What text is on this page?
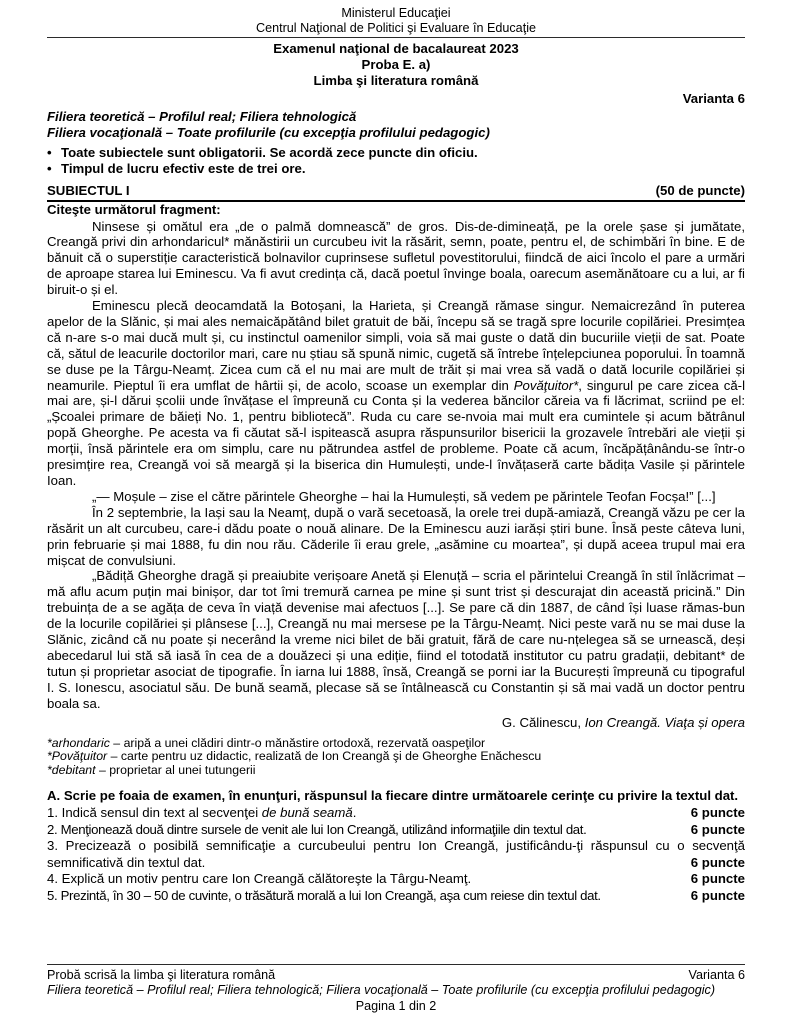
Ministerul Educaţiei
Centrul Naţional de Politici şi Evaluare în Educaţie
Examenul naţional de bacalaureat 2023
Proba E. a)
Limba şi literatura română
Varianta 6
Filiera teoretică – Profilul real; Filiera tehnologică
Filiera vocaţională – Toate profilurile (cu excepţia profilului pedagogic)
•
Toate subiectele sunt obligatorii. Se acordă zece puncte din oficiu.
•
Timpul de lucru efectiv este de trei ore.
SUBIECTUL I	(50 de puncte)
Citeşte următorul fragment:

Ninsese și omătul era „de o palmă domnească” de gros. Dis-de-dimineață, pe la orele șase și jumătate, Creangă privi din arhondaricul* mănăstirii un curcubeu ivit la răsărit, semn, poate, pentru el, de schimbări în bine. E de bănuit că o superstiție caracteristică bolnavilor cuprinsese sufletul povestitorului, fiindcă de aici încolo el pare a urmări de aproape starea lui Eminescu. Va fi avut credința că, dacă poetul învinge boala, oarecum asemănătoare cu a lui, ar fi biruit-o și el.

Eminescu plecă deocamdată la Botoșani, la Harieta, și Creangă rămase singur. Nemaicrezând în puterea apelor de la Slănic, și mai ales nemaicăpătând bilet gratuit de băi, începu să se tragă spre locurile copilăriei. Presimțea că n-are s-o mai ducă mult și, cu instinctul oamenilor simpli, voia să mai guste o dată din bucuriile vieții de sat. Poate că, sătul de leacurile doctorilor mari, care nu știau să spună nimic, cugetă să întrebe înțelepciunea poporului. În toamnă se duse pe la Târgu-Neamț. Zicea cum că el nu mai are mult de trăit și mai vrea să vadă o dată locurile copilăriei și neamurile. Pieptul îi era umflat de hârtii și, de acolo, scoase un exemplar din Povăţuitor*, singurul pe care zicea că-l mai are, și-l dărui școlii unde învățase el împreună cu Conta și la vederea băncilor căreia va fi lăcrimat, scriind pe el: „Școalei primare de băieți No. 1, pentru bibliotecă”. Ruda cu care se-nvoia mai mult era cumintele și acum bătrânul popă Gheorghe. Pe acesta va fi căutat să-l ispitească asupra răspunsurilor bisericii la grozavele întrebări ale vieții și morții, însă părintele era om simplu, care nu pătrundea astfel de probleme. Poate că acum, încăpățânându-se într-o presimțire rea, Creangă voi să meargă și la biserica din Humulești, unde-l învățaseră carte bădița Vasile și părintele Ioan.

„— Moșule – zise el către părintele Gheorghe – hai la Humulești, să vedem pe părintele Teofan Focșa!” [...]

În 2 septembrie, la Iași sau la Neamț, după o vară secetoasă, la orele trei după-amiază, Creangă văzu pe cer la răsărit un alt curcubeu, care-i dădu poate o nouă alinare. De la Eminescu auzi iarăși știri bune. Însă peste câteva luni, prin februarie și mai 1888, fu din nou rău. Căderile îi erau grele, „asămine cu moartea”, și după aceea trupul mai era mișcat de convulsiuni.

„Bădiță Gheorghe dragă și preaiubite verișoare Anetă și Elenuță – scria el părintelui Creangă în stil înlăcrimat – mă aflu acum puțin mai binișor, dar tot îmi tremură carnea pe mine și sunt trist și descurajat din această pricină.” Din trebuința de a se agăța de ceva în viață devenise mai afectuos [...]. Se pare că din 1887, de când își luase rămas-bun de la locurile copilăriei și plânsese [...], Creangă nu mai mersese pe la Târgu-Neamț. Nici peste vară nu se mai duse la Slănic, zicând că nu poate și necerând la vreme nici bilet de băi gratuit, fără de care nu-nțelegea să se urnească, deși abecedarul lui stă să iasă în cea de a douăzeci și una ediție, fiind el totodată institutor cu patru gradații, debitant* de tutun și proprietar asociat de tipografie. În iarna lui 1888, însă, Creangă se porni iar la București împreună cu tipograful I. S. Ionescu, asociatul său. De bună seamă, plecase să se întâlnească cu Constantin și să mai vadă un doctor pentru boala sa.

G. Călinescu, Ion Creangă. Viaţa și opera
*arhondaric – aripă a unei clădiri dintr-o mănăstire ortodoxă, rezervată oaspeţilor
*Povăţuitor – carte pentru uz didactic, realizată de Ion Creangă şi de Gheorghe Enăchescu
*debitant – proprietar al unei tutungerii
A. Scrie pe foaia de examen, în enunţuri, răspunsul la fiecare dintre următoarele cerinţe cu privire la textul dat.
1. Indică sensul din text al secvenţei de bună seamă.	6 puncte
2. Menţionează două dintre sursele de venit ale lui Ion Creangă, utilizând informaţiile din textul dat.	6 puncte
3. Precizează o posibilă semnificaţie a curcubeului pentru Ion Creangă, justificându-ţi răspunsul cu o secvenţă semnificativă din textul dat.	6 puncte
4. Explică un motiv pentru care Ion Creangă călătoreşte la Târgu-Neamţ.	6 puncte
5. Prezintă, în 30 – 50 de cuvinte, o trăsătură morală a lui Ion Creangă, aşa cum reiese din textul dat.	6 puncte
Probă scrisă la limba şi literatura română	Varianta 6
Filiera teoretică – Profilul real; Filiera tehnologică; Filiera vocaţională – Toate profilurile (cu excepţia profilului pedagogic)
Pagina 1 din 2
